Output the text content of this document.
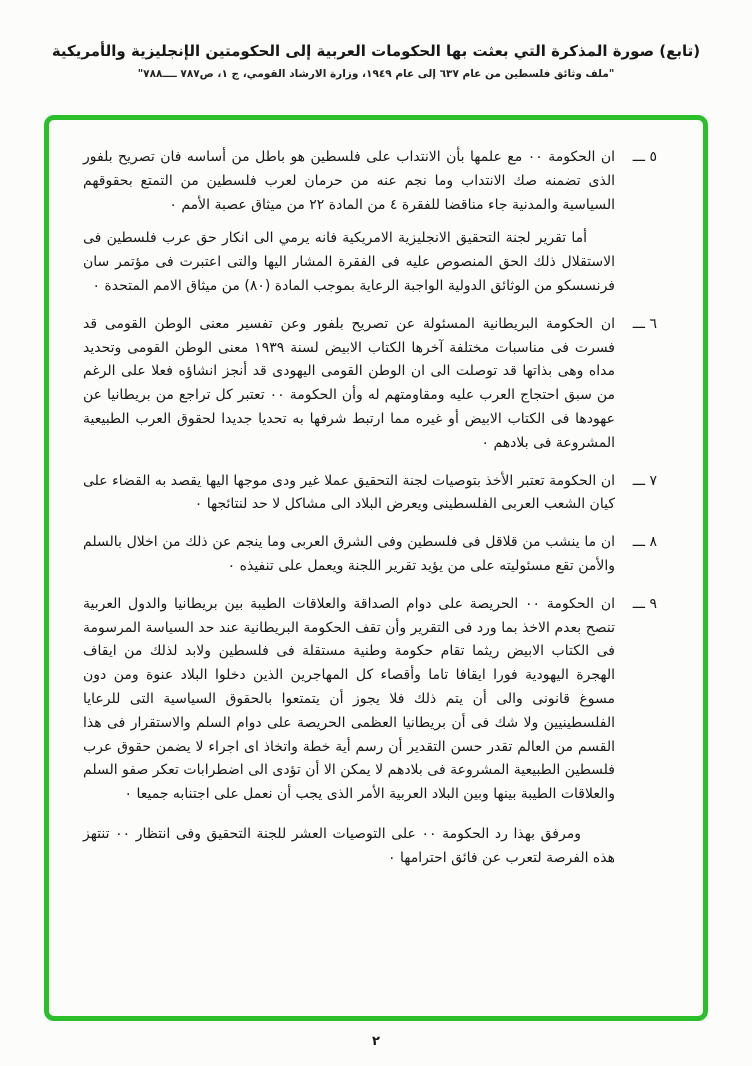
(تابع) صورة المذكرة التي بعثت بها الحكومات العربية إلى الحكومتين الإنجليزية والأمريكية
"ملف وثائق فلسطين من عام ٦٣٧ إلى عام ١٩٤٩، وزارة الارشاد القومي، ج ١، ص٧٨٧ ــــ٧٨٨"
٥ ـــ

ان الحكومة ٠٠ مع علمها بأن الانتداب على فلسطين هو باطل من أساسه فان تصريح بلفور الذى تضمنه صك الانتداب وما نجم عنه من حرمان لعرب فلسطين من التمتع بحقوقهم السياسية والمدنية جاء مناقضا للفقرة ٤ من المادة ٢٢ من ميثاق عصبة الأمم ٠

أما تقرير لجنة التحقيق الانجليزية الامريكية فانه يرمي الى انكار حق عرب فلسطين فى الاستقلال ذلك الحق المنصوص عليه فى الفقرة المشار اليها والتى اعتبرت فى مؤتمر سان فرنسسكو من الوثائق الدولية الواجبة الرعاية بموجب المادة (٨٠) من ميثاق الامم المتحدة ٠

٦ ـــ

ان الحكومة البريطانية المسئولة عن تصريح بلفور وعن تفسير معنى الوطن القومى قد فسرت فى مناسبات مختلفة آخرها الكتاب الابيض لسنة ١٩٣٩ معنى الوطن القومى وتحديد مداه وهى بذاتها قد توصلت الى ان الوطن القومى اليهودى قد أنجز انشاؤه فعلا على الرغم من سبق احتجاج العرب عليه ومقاومتهم له وأن الحكومة ٠٠ تعتبر كل تراجع من بريطانيا عن عهودها فى الكتاب الابيض أو غيره مما ارتبط شرفها به تحديا جديدا لحقوق العرب الطبيعية المشروعة فى بلادهم ٠

٧ ـــ

ان الحكومة تعتبر الأخذ بتوصيات لجنة التحقيق عملا غير ودى موجها اليها يقصد به القضاء على كيان الشعب العربى الفلسطينى ويعرض البلاد الى مشاكل لا حد لنتائجها ٠

٨ ـــ

ان ما ينشب من قلاقل فى فلسطين وفى الشرق العربى وما ينجم عن ذلك من اخلال بالسلم والأمن تقع مسئوليته على من يؤيد تقرير اللجنة ويعمل على تنفيذه ٠

٩ ـــ

ان الحكومة ٠٠ الحريصة على دوام الصداقة والعلاقات الطيبة بين بريطانيا والدول العربية تنصح بعدم الاخذ بما ورد فى التقرير وأن تقف الحكومة البريطانية عند حد السياسة المرسومة فى الكتاب الابيض ريثما تقام حكومة وطنية مستقلة فى فلسطين ولابد لذلك من ايقاف الهجرة اليهودية فورا ايقافا تاما وأقصاء كل المهاجرين الذين دخلوا البلاد عنوة ومن دون مسوغ قانونى والى أن يتم ذلك فلا يجوز أن يتمتعوا بالحقوق السياسية التى للرعايا الفلسطينيين ولا شك فى أن بريطانيا العظمى الحريصة على دوام السلم والاستقرار فى هذا القسم من العالم تقدر حسن التقدير أن رسم أية خطة واتخاذ اى اجراء لا يضمن حقوق عرب فلسطين الطبيعية المشروعة فى بلادهم لا يمكن الا أن تؤدى الى اضطرابات تعكر صفو السلم والعلاقات الطيبة بينها وبين البلاد العربية الأمر الذى يجب أن نعمل على اجتنابه جميعا ٠

ومرفق بهذا رد الحكومة ٠٠ على التوصيات العشر للجنة التحقيق وفى انتظار ٠٠ تنتهز هذه الفرصة لتعرب عن فائق احترامها ٠

٢
